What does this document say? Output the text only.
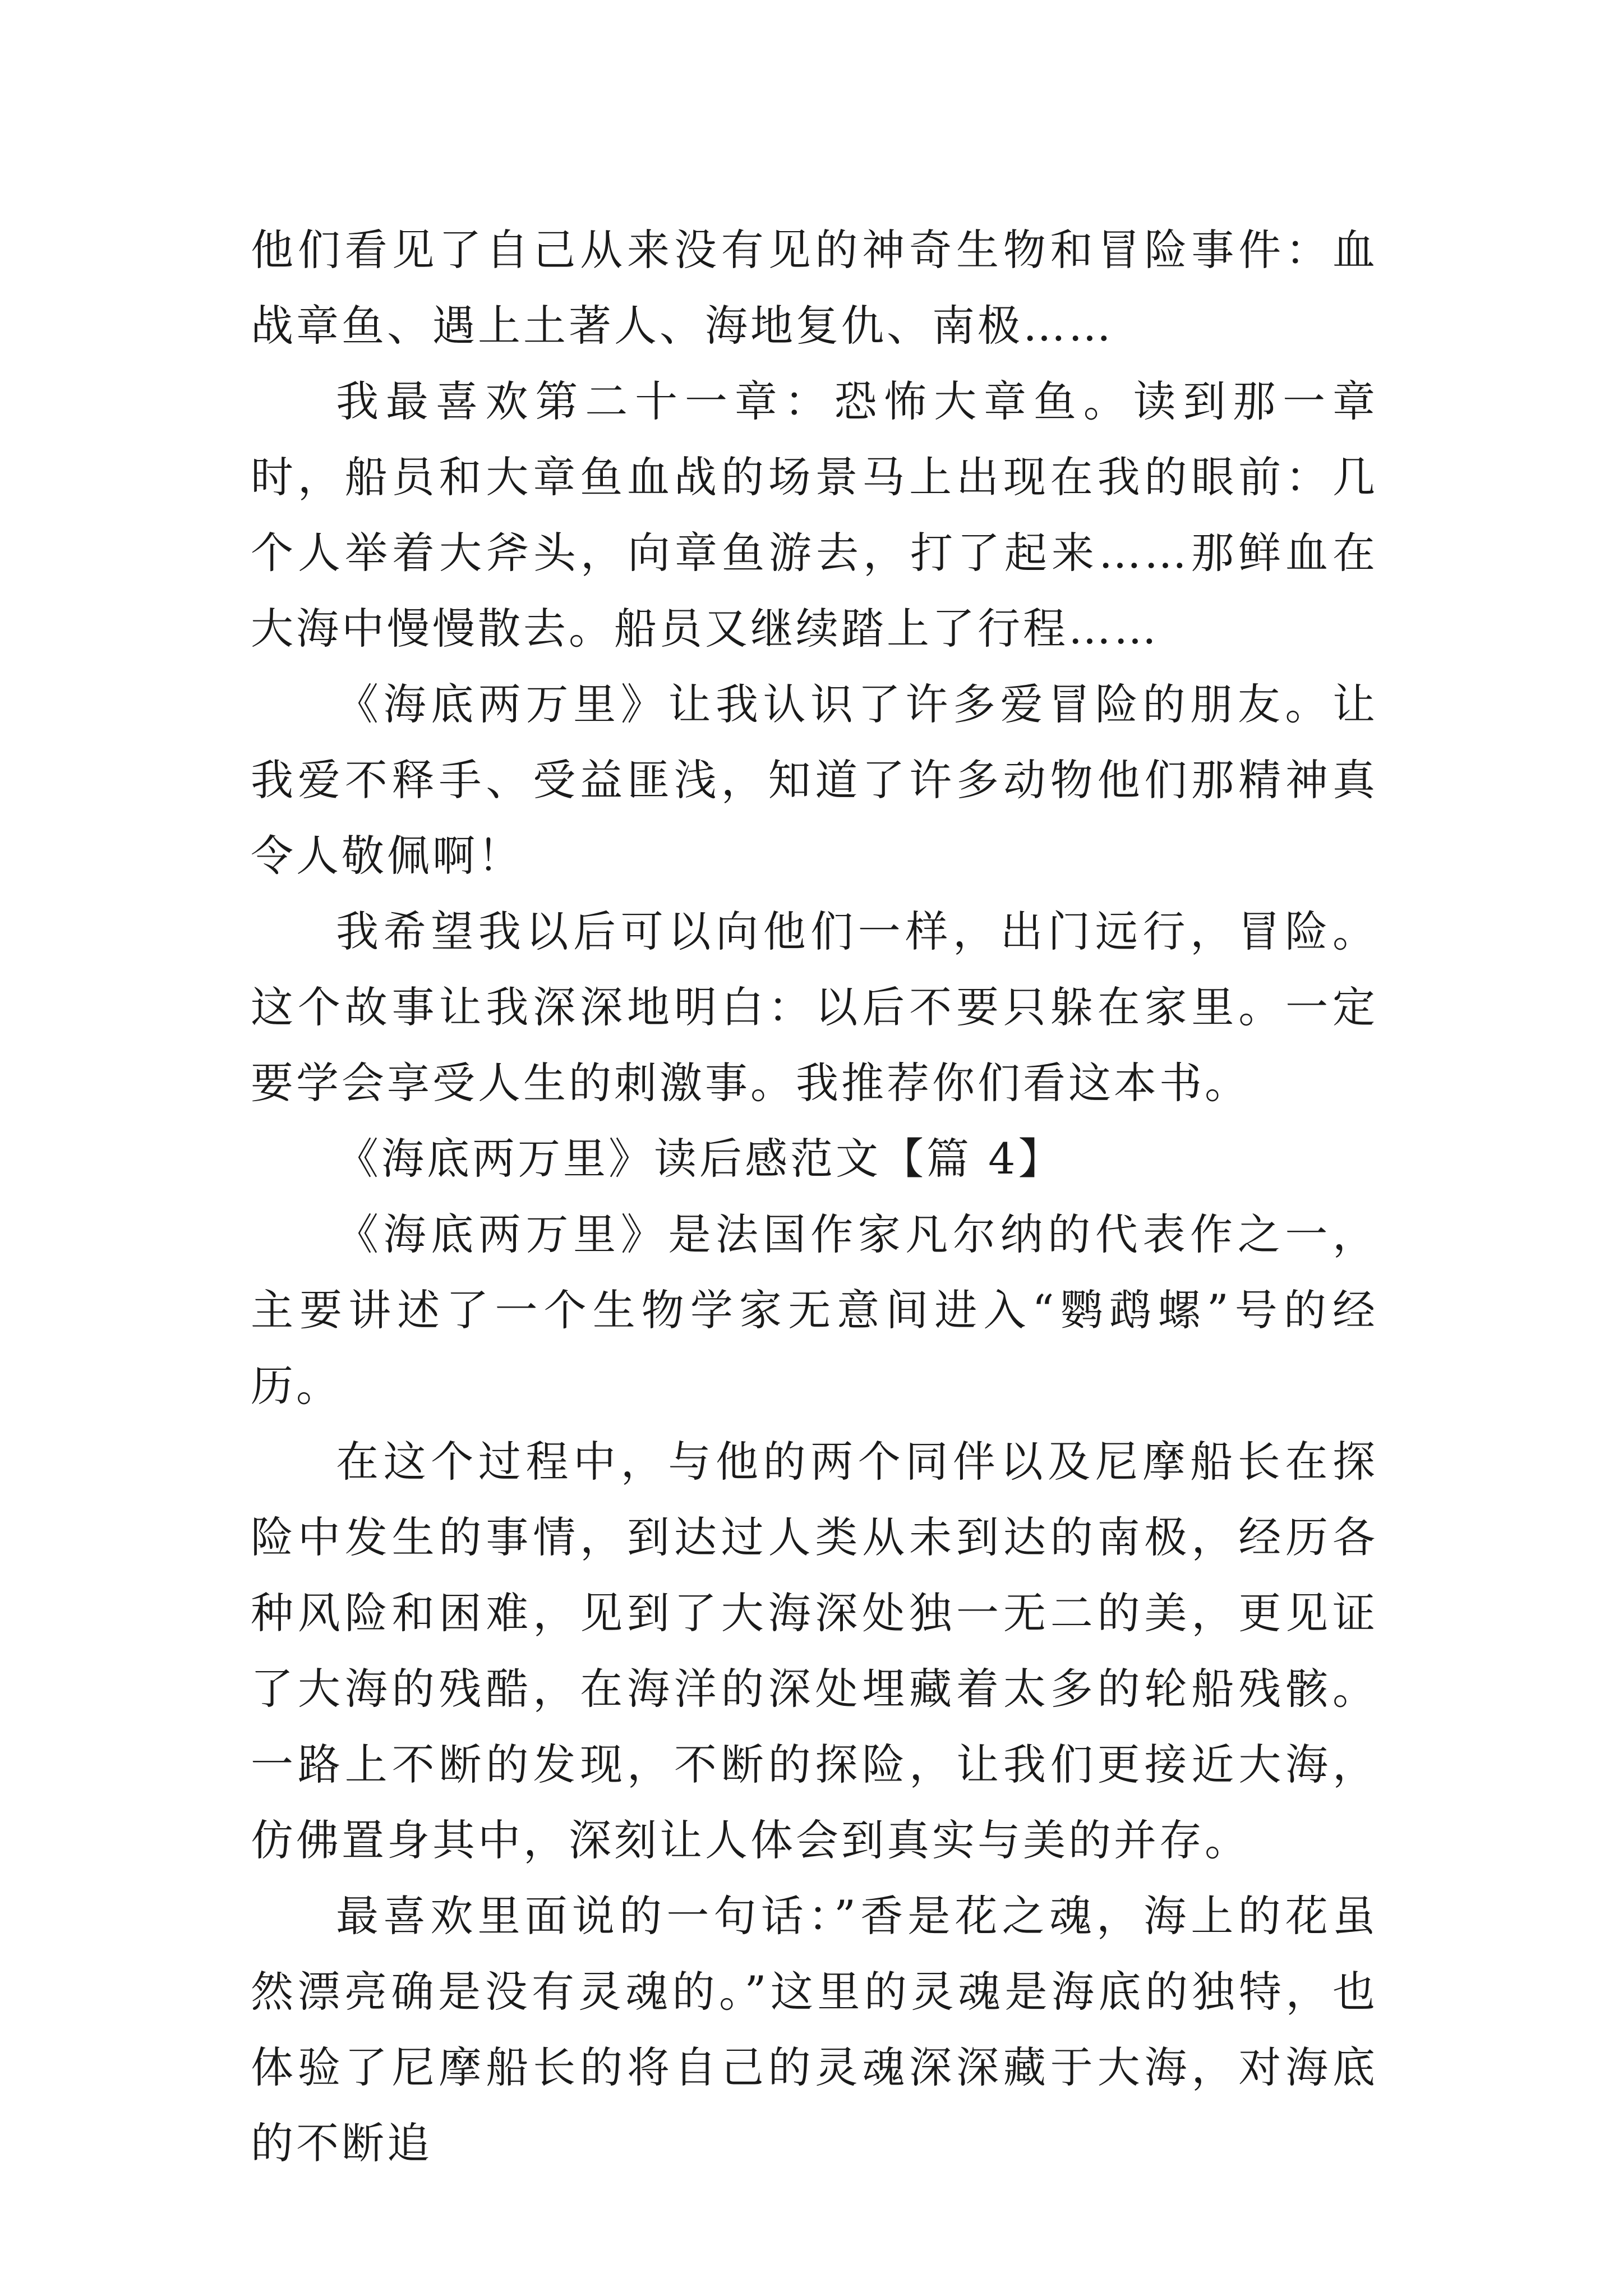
他们看见了自己从来没有见的神奇生物和冒险事件：血战章鱼、遇上土著人、海地复仇、南极……

我最喜欢第二十一章：恐怖大章鱼。读到那一章时，船员和大章鱼血战的场景马上出现在我的眼前：几个人举着大斧头，向章鱼游去，打了起来……那鲜血在大海中慢慢散去。船员又继续踏上了行程……

《海底两万里》让我认识了许多爱冒险的朋友。让我爱不释手、受益匪浅，知道了许多动物他们那精神真令人敬佩啊！

我希望我以后可以向他们一样，出门远行，冒险。这个故事让我深深地明白：以后不要只躲在家里。一定要学会享受人生的刺激事。我推荐你们看这本书。

《海底两万里》读后感范文【篇 4】

《海底两万里》是法国作家凡尔纳的代表作之一，主要讲述了一个生物学家无意间进入“鹦鹉螺”号的经历。

在这个过程中，与他的两个同伴以及尼摩船长在探险中发生的事情，到达过人类从未到达的南极，经历各种风险和困难，见到了大海深处独一无二的美，更见证了大海的残酷，在海洋的深处埋藏着太多的轮船残骸。一路上不断的发现，不断的探险，让我们更接近大海，仿佛置身其中，深刻让人体会到真实与美的并存。

最喜欢里面说的一句话：”香是花之魂，海上的花虽然漂亮确是没有灵魂的。”这里的灵魂是海底的独特，也体验了尼摩船长的将自己的灵魂深深藏于大海，对海底的不断追
